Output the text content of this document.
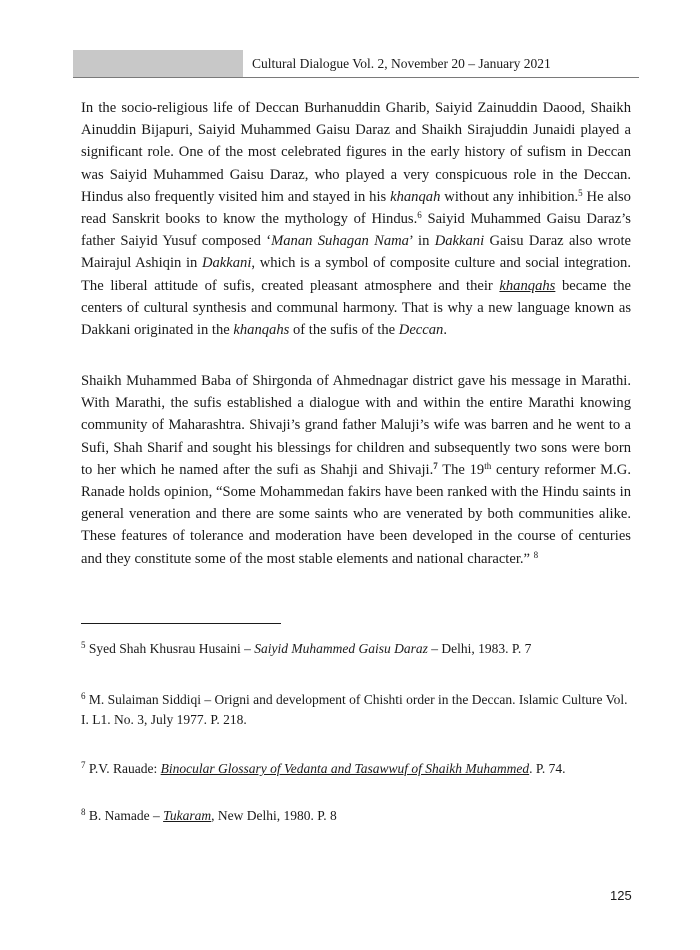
Cultural Dialogue Vol. 2, November 20 – January 2021

In the socio-religious life of Deccan Burhanuddin Gharib, Saiyid Zainuddin Daood, Shaikh Ainuddin Bijapuri, Saiyid Muhammed Gaisu Daraz and Shaikh Sirajuddin Junaidi played a significant role. One of the most celebrated figures in the early history of sufism in Deccan was Saiyid Muhammed Gaisu Daraz, who played a very conspicuous role in the Deccan. Hindus also frequently visited him and stayed in his khanqah without any inhibition.$^5$ He also read Sanskrit books to know the mythology of Hindus.$^6$ Saiyid Muhammed Gaisu Daraz’s father Saiyid Yusuf composed ‘Manan Suhagan Nama’ in Dakkani Gaisu Daraz also wrote Mairajul Ashiqin in Dakkani, which is a symbol of composite culture and social integration. The liberal attitude of sufis, created pleasant atmosphere and their khanqahs became the centers of cultural synthesis and communal harmony. That is why a new language known as Dakkani originated in the khanqahs of the sufis of the Deccan.

Shaikh Muhammed Baba of Shirgonda of Ahmednagar district gave his message in Marathi. With Marathi, the sufis established a dialogue with and within the entire Marathi knowing community of Maharashtra. Shivaji’s grand father Maluji’s wife was barren and he went to a Sufi, Shah Sharif and sought his blessings for children and subsequently two sons were born to her which he named after the sufi as Shahji and Shivaji.$^7$ The 19th century reformer M.G. Ranade holds opinion, “Some Mohammedan fakirs have been ranked with the Hindu saints in general veneration and there are some saints who are venerated by both communities alike. These features of tolerance and moderation have been developed in the course of centuries and they constitute some of the most stable elements and national character.” $^8$

$^5$ Syed Shah Khusrau Husaini – Saiyid Muhammed Gaisu Daraz – Delhi, 1983. P. 7

$^6$ M. Sulaiman Siddiqi – Origni and development of Chishti order in the Deccan. Islamic Culture Vol. I. L1. No. 3, July 1977. P. 218.

$^7$ P.V. Rauade: Binocular Glossary of Vedanta and Tasawwuf of Shaikh Muhammed. P. 74.

$^8$ B. Namade – Tukaram, New Delhi, 1980. P. 8

125
